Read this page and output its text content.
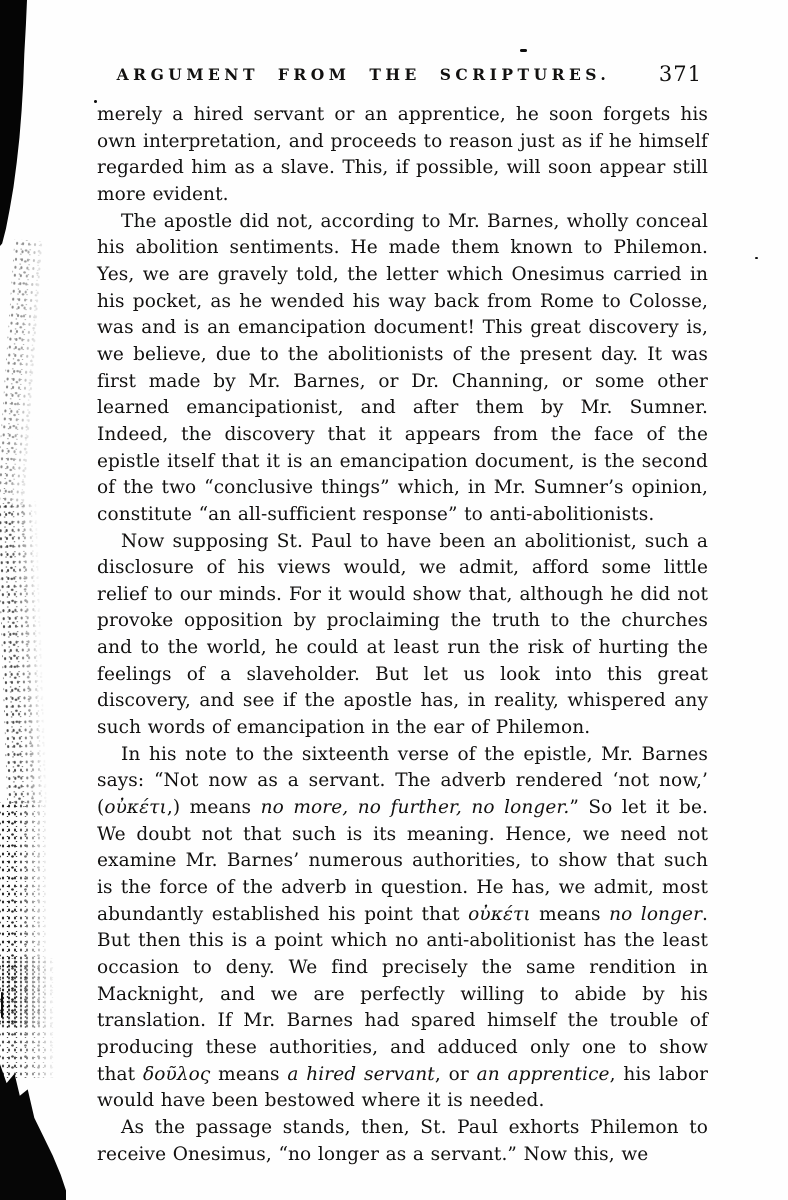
ARGUMENT FROM THE SCRIPTURES.	371

merely a hired servant or an apprentice, he soon forgets his own interpretation, and proceeds to reason just as if he himself regarded him as a slave. This, if possible, will soon appear still more evident.

The apostle did not, according to Mr. Barnes, wholly conceal his abolition sentiments. He made them known to Philemon. Yes, we are gravely told, the letter which Onesimus carried in his pocket, as he wended his way back from Rome to Colosse, was and is an emancipation document! This great discovery is, we believe, due to the abolitionists of the present day. It was first made by Mr. Barnes, or Dr. Channing, or some other learned emancipationist, and after them by Mr. Sumner. Indeed, the discovery that it appears from the face of the epistle itself that it is an emancipation document, is the second of the two “conclusive things” which, in Mr. Sumner’s opinion, constitute “an all-sufficient response” to anti-abolitionists.

Now supposing St. Paul to have been an abolitionist, such a disclosure of his views would, we admit, afford some little relief to our minds. For it would show that, although he did not provoke opposition by proclaiming the truth to the churches and to the world, he could at least run the risk of hurting the feelings of a slaveholder. But let us look into this great discovery, and see if the apostle has, in reality, whispered any such words of emancipation in the ear of Philemon.

In his note to the sixteenth verse of the epistle, Mr. Barnes says: “Not now as a servant. The adverb rendered ‘not now,’ (οὐκέτι,) means no more, no further, no longer.” So let it be. We doubt not that such is its meaning. Hence, we need not examine Mr. Barnes’ numerous authorities, to show that such is the force of the adverb in question. He has, we admit, most abundantly established his point that οὐκέτι means no longer. But then this is a point which no anti-abolitionist has the least occasion to deny. We find precisely the same rendition in Macknight, and we are perfectly willing to abide by his translation. If Mr. Barnes had spared himself the trouble of producing these authorities, and adduced only one to show that δοῦλος means a hired servant, or an apprentice, his labor would have been bestowed where it is needed.

As the passage stands, then, St. Paul exhorts Philemon to receive Onesimus, “no longer as a servant.” Now this, we
